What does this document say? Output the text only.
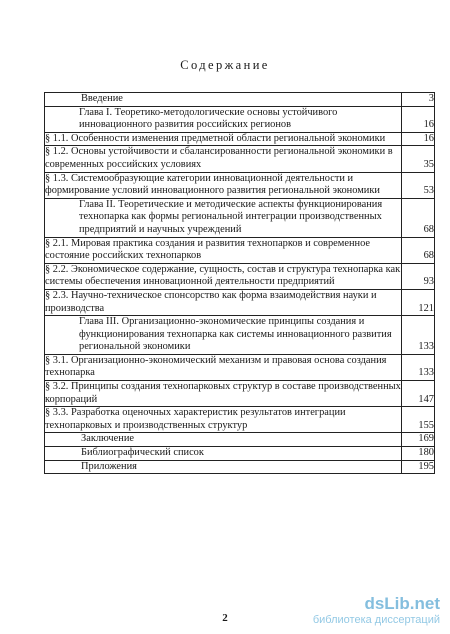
Содержание
Введение	3
Глава I. Теоретико-методологические основы устойчивого инновационного развития российских регионов	16
§ 1.1. Особенности изменения предметной области региональной экономики	16
§ 1.2. Основы устойчивости и сбалансированности региональной экономики в современных российских условиях	35
§ 1.3. Системообразующие категории инновационной деятельности и формирование условий инновационного развития региональной экономики	53
Глава II. Теоретические и методические аспекты функционирования технопарка как формы региональной интеграции производственных предприятий и научных учреждений	68
§ 2.1. Мировая практика создания и развития технопарков и современное состояние российских технопарков	68
§ 2.2. Экономическое содержание, сущность, состав и структура технопарка как системы обеспечения инновационной деятельности предприятий	93
§ 2.3. Научно-техническое спонсорство как форма взаимодействия науки и производства	121
Глава III. Организационно-экономические принципы создания и функционирования технопарка как системы инновационного развития региональной экономики	133
§ 3.1. Организационно-экономический механизм и правовая основа создания технопарка	133
§ 3.2. Принципы создания технопарковых структур в составе производственных корпораций	147
§ 3.3. Разработка оценочных характеристик результатов интеграции технопарковых и производственных структур	155
Заключение	169
Библиографический список	180
Приложения	195
2
dsLib.net
библиотека диссертаций
